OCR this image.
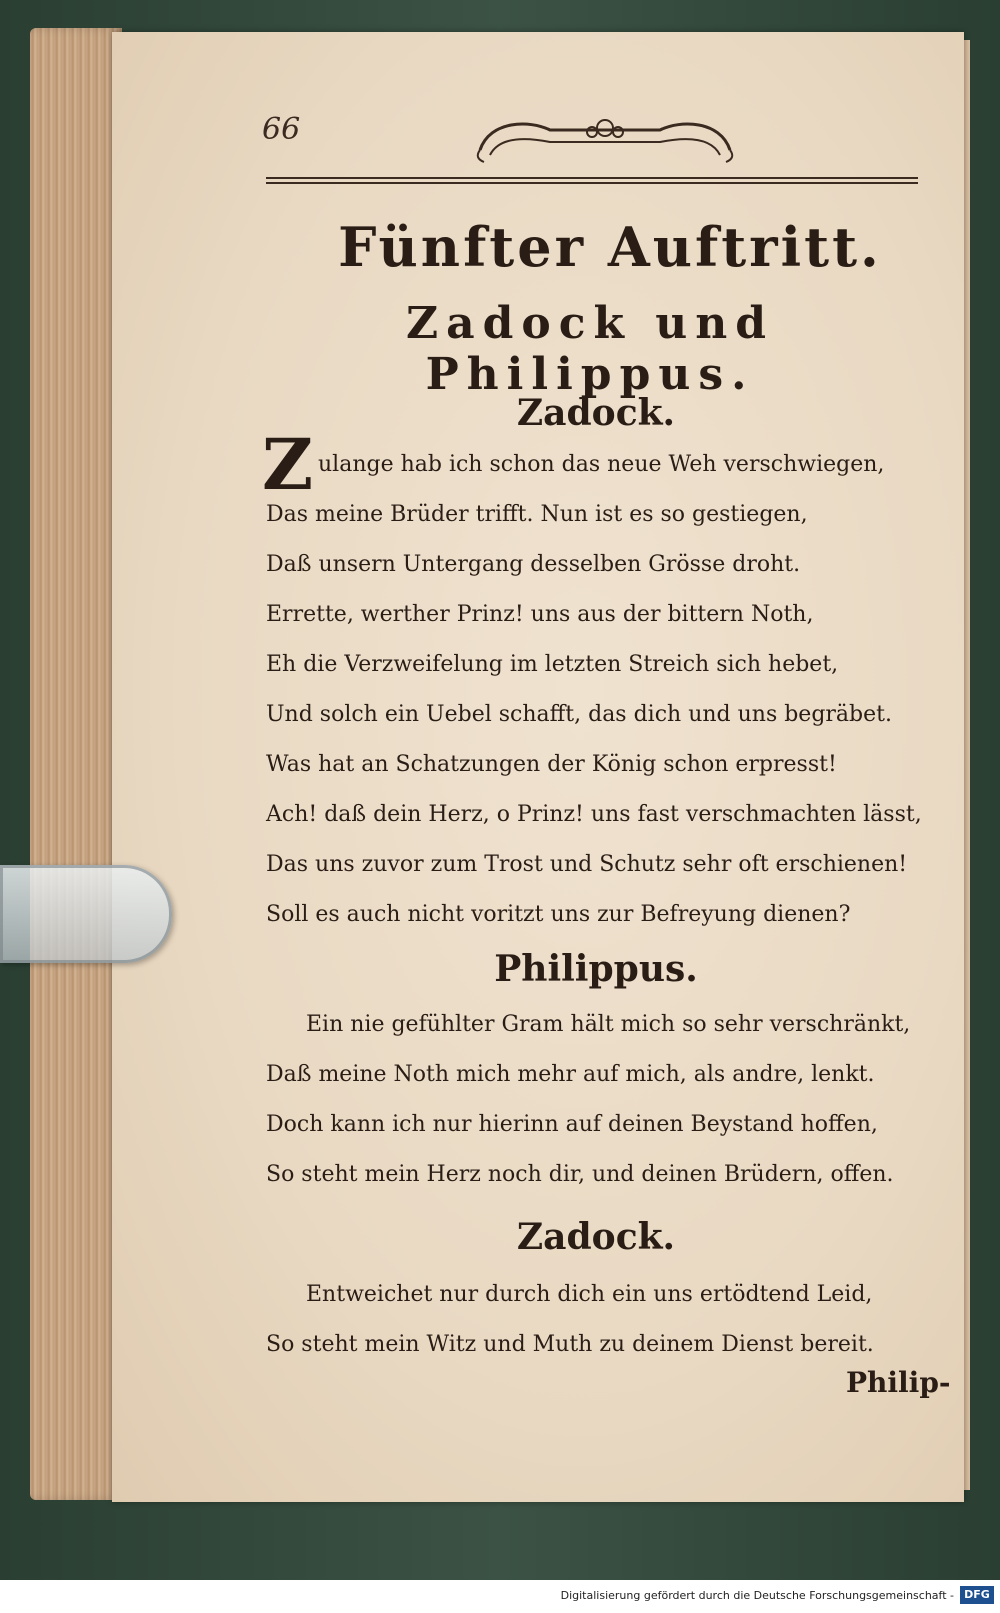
66
Fünfter Auftritt.
Zadock und Philippus.
Zadock.
Z ulange hab ich schon das neue Weh verschwiegen,
Das meine Brüder trifft. Nun ist es so gestiegen,
Daß unsern Untergang desselben Grösse droht.
Errette, werther Prinz! uns aus der bittern Noth,
Eh die Verzweifelung im letzten Streich sich hebet,
Und solch ein Uebel schafft, das dich und uns begräbet.
Was hat an Schatzungen der König schon erpresst!
Ach! daß dein Herz, o Prinz! uns fast verschmachten lässt,
Das uns zuvor zum Trost und Schutz sehr oft erschienen!
Soll es auch nicht voritzt uns zur Befreyung dienen?
Philippus.
Ein nie gefühlter Gram hält mich so sehr verschränkt,
Daß meine Noth mich mehr auf mich, als andre, lenkt.
Doch kann ich nur hierinn auf deinen Beystand hoffen,
So steht mein Herz noch dir, und deinen Brüdern, offen.
Zadock.
Entweichet nur durch dich ein uns ertödtend Leid,
So steht mein Witz und Muth zu deinem Dienst bereit.
Philip-
Digitalisierung gefördert durch die Deutsche Forschungsgemeinschaft - DFG
